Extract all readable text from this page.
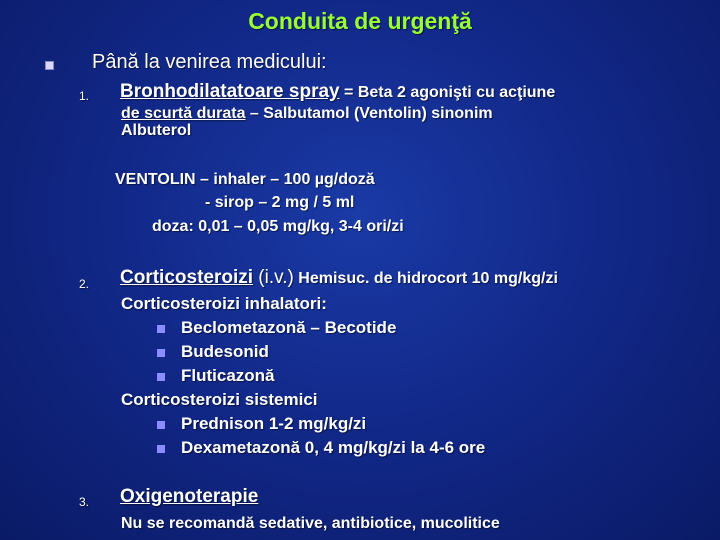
Conduita de urgenţă
Până la venirea medicului:
1. Bronhodilatatoare spray = Beta 2 agonişti cu acţiune
de scurtă durata – Salbutamol (Ventolin) sinonim
Albuterol
VENTOLIN – inhaler – 100 µg/doză
- sirop – 2 mg / 5 ml
doza: 0,01 – 0,05 mg/kg, 3-4 ori/zi
2. Corticosteroizi (i.v.) Hemisuc. de hidrocort 10 mg/kg/zi
Corticosteroizi inhalatori:
Beclometazonă – Becotide
Budesonid
Fluticazonă
Corticosteroizi sistemici
Prednison 1-2 mg/kg/zi
Dexametazonă 0, 4 mg/kg/zi la 4-6 ore
3. Oxigenoterapie
Nu se recomandă sedative, antibiotice, mucolitice
